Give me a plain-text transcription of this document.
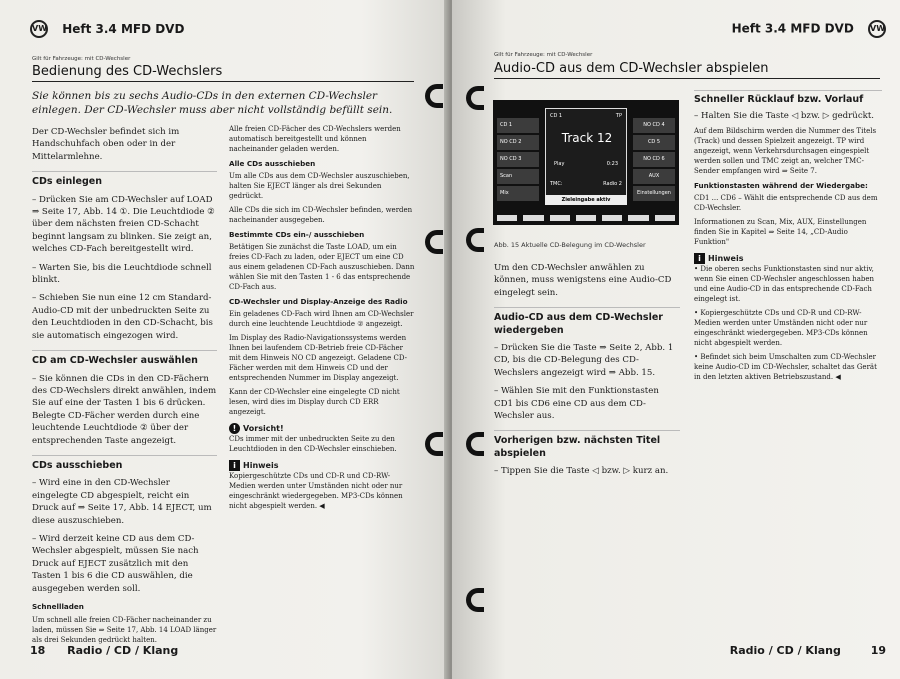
VW Heft 3.4 MFD DVD
Gilt für Fahrzeuge: mit CD-Wechsler
Bedienung des CD-Wechslers
Sie können bis zu sechs Audio-CDs in den externen CD-Wechsler einlegen. Der CD-Wechsler muss aber nicht vollständig befüllt sein.

Der CD-Wechsler befindet sich im Handschuhfach oben oder in der Mittelarmlehne.

CDs einlegen

– Drücken Sie am CD-Wechsler auf LOAD ⇒ Seite 17, Abb. 14 ①. Die Leuchtdiode ② über dem nächsten freien CD-Schacht beginnt langsam zu blinken. Sie zeigt an, welches CD-Fach bereitgestellt wird.

– Warten Sie, bis die Leuchtdiode schnell blinkt.

– Schieben Sie nun eine 12 cm Standard-Audio-CD mit der unbedruckten Seite zu den Leuchtdioden in den CD-Schacht, bis sie automatisch eingezogen wird.

CD am CD-Wechsler auswählen

– Sie können die CDs in den CD-Fächern des CD-Wechslers direkt anwählen, indem Sie auf eine der Tasten 1 bis 6 drücken. Belegte CD-Fächer werden durch eine leuchtende Leuchtdiode ② über der entsprechenden Taste angezeigt.

CDs ausschieben

– Wird eine in den CD-Wechsler eingelegte CD abgespielt, reicht ein Druck auf ⇒ Seite 17, Abb. 14 EJECT, um diese auszuschieben.

– Wird derzeit keine CD aus dem CD-Wechsler abgespielt, müssen Sie nach Druck auf EJECT zusätzlich mit den Tasten 1 bis 6 die CD auswählen, die ausgegeben werden soll.

Schnellladen

Um schnell alle freien CD-Fächer nacheinander zu laden, müssen Sie ⇒ Seite 17, Abb. 14 LOAD länger als drei Sekunden gedrückt halten.

Alle freien CD-Fächer des CD-Wechslers werden automatisch bereitgestellt und können nacheinander geladen werden.

Alle CDs ausschieben

Um alle CDs aus dem CD-Wechsler auszuschieben, halten Sie EJECT länger als drei Sekunden gedrückt.

Alle CDs die sich im CD-Wechsler befinden, werden nacheinander ausgegeben.

Bestimmte CDs ein-/ ausschieben

Betätigen Sie zunächst die Taste LOAD, um ein freies CD-Fach zu laden, oder EJECT um eine CD aus einem geladenen CD-Fach auszuschieben. Dann wählen Sie mit den Tasten 1 - 6 das entsprechende CD-Fach aus.

CD-Wechsler und Display-Anzeige des Radio

Ein geladenes CD-Fach wird Ihnen am CD-Wechsler durch eine leuchtende Leuchtdiode ② angezeigt.

Im Display des Radio-Navigationssystems werden Ihnen bei laufendem CD-Betrieb freie CD-Fächer mit dem Hinweis NO CD angezeigt. Geladene CD-Fächer werden mit dem Hinweis CD und der entsprechenden Nummer im Display angezeigt.

Kann der CD-Wechsler eine eingelegte CD nicht lesen, wird dies im Display durch CD ERR angezeigt.

! Vorsicht!

CDs immer mit der unbedruckten Seite zu den Leuchtdioden in den CD-Wechsler einschieben.

i Hinweis

Kopiergeschützte CDs und CD-R und CD-RW-Medien werden unter Umständen nicht oder nur eingeschränkt wiedergegeben. MP3-CDs können nicht abgespielt werden. ◀

18 Radio / CD / Klang
Heft 3.4 MFD DVD VW
Gilt für Fahrzeuge: mit CD-Wechsler
Audio-CD aus dem CD-Wechsler abspielen
CD 1
NO CD 2
NO CD 3
Scan
Mix
NO CD 4
CD 5
NO CD 6
AUX
Einstellungen
CD 1	TP
Track 12
Play	0:23
TMC:	Radio 2
Zieleingabe aktiv
Abb. 15 Aktuelle CD-Belegung im CD-Wechsler

Um den CD-Wechsler anwählen zu können, muss wenigstens eine Audio-CD eingelegt sein.

Audio-CD aus dem CD-Wechsler wiedergeben

– Drücken Sie die Taste ⇒ Seite 2, Abb. 1 CD, bis die CD-Belegung des CD-Wechslers angezeigt wird ⇒ Abb. 15.

– Wählen Sie mit den Funktionstasten CD1 bis CD6 eine CD aus dem CD-Wechsler aus.

Vorherigen bzw. nächsten Titel abspielen

– Tippen Sie die Taste ◁ bzw. ▷ kurz an.

Schneller Rücklauf bzw. Vorlauf

– Halten Sie die Taste ◁ bzw. ▷ gedrückt.

Auf dem Bildschirm werden die Nummer des Titels (Track) und dessen Spielzeit angezeigt. TP wird angezeigt, wenn Verkehrsdurchsagen eingespielt werden sollen und TMC zeigt an, welcher TMC-Sender empfangen wird ⇒ Seite 7.

Funktionstasten während der Wiedergabe:

CD1 ... CD6 – Wählt die entsprechende CD aus dem CD-Wechsler.

Informationen zu Scan, Mix, AUX, Einstellungen finden Sie in Kapitel ⇒ Seite 14, „CD-Audio Funktion"

i Hinweis

• Die oberen sechs Funktionstasten sind nur aktiv, wenn Sie einen CD-Wechsler angeschlossen haben und eine Audio-CD in das entsprechende CD-Fach eingelegt ist.

• Kopiergeschützte CDs und CD-R und CD-RW-Medien werden unter Umständen nicht oder nur eingeschränkt wiedergegeben. MP3-CDs können nicht abgespielt werden.

• Befindet sich beim Umschalten zum CD-Wechsler keine Audio-CD im CD-Wechsler, schaltet das Gerät in den letzten aktiven Betriebszustand. ◀

Radio / CD / Klang	19
